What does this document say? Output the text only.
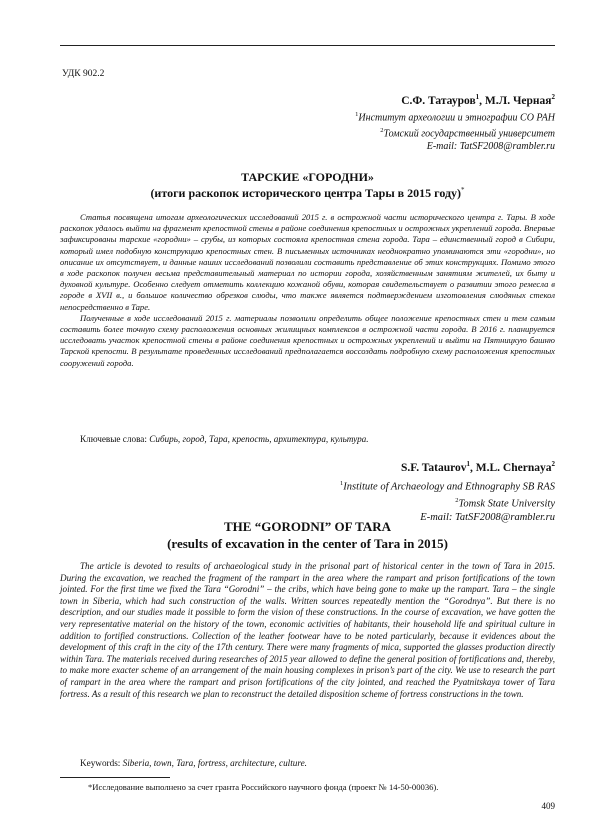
УДК 902.2
С.Ф. Татауров$^1$, М.Л. Черная$^2$
$^1$Институт археологии и этнографии СО РАН
$^2$Томский государственный университет
E-mail: TatSF2008@rambler.ru
ТАРСКИЕ «ГОРОДНИ»
(итоги раскопок исторического центра Тары в 2015 году)*

Статья посвящена итогам археологических исследований 2015 г. в острожной части исторического центра г. Тары. В ходе раскопок удалось выйти на фрагмент крепостной стены в районе соединения крепостных и острожных укреплений города. Впервые зафиксированы тарские «городни» – срубы, из которых состояла крепостная стена города. Тара – единственный город в Сибири, который имел подобную конструкцию крепостных стен. В письменных источниках неоднократно упоминаются эти «городни», но описание их отсутствует, и данные наших исследований позволили составить представление об этих конструкциях. Помимо этого в ходе раскопок получен весьма представительный материал по истории города, хозяйственным занятиям жителей, их быту и духовной культуре. Особенно следует отметить коллекцию кожаной обуви, которая свидетельствует о развитии этого ремесла в городе в XVII в., и большое количество обрезков слюды, что также является подтверждением изготовления слюдяных стекол непосредственно в Таре.

Полученные в ходе исследований 2015 г. материалы позволили определить общее положение крепостных стен и тем самым составить более точную схему расположения основных жилищных комплексов в острожной части города. В 2016 г. планируется исследовать участок крепостной стены в районе соединения крепостных и острожных укреплений и выйти на Пятницкую башню Тарской крепости. В результате проведенных исследований предполагается воссоздать подробную схему расположения крепостных сооружений города.

Ключевые слова: Сибирь, город, Тара, крепость, архитектура, культура.
S.F. Tataurov$^1$, M.L. Chernaya$^2$
$^1$Institute of Archaeology and Ethnography SB RAS
$^2$Tomsk State University
E-mail: TatSF2008@rambler.ru
THE “GORODNI” OF TARA
(results of excavation in the center of Tara in 2015)

The article is devoted to results of archaeological study in the prisonal part of historical center in the town of Tara in 2015. During the excavation, we reached the fragment of the rampart in the area where the rampart and prison fortifications of the town jointed. For the first time we fixed the Tara “Gorodni” – the cribs, which have being gone to make up the rampart. Tara – the single town in Siberia, which had such construction of the walls. Written sources repeatedly mention the “Gorodnya”. But there is no description, and our studies made it possible to form the vision of these constructions. In the course of excavation, we have gotten the very representative material on the history of the town, economic activities of habitants, their household life and spiritual culture in addition to fortified constructions. Collection of the leather footwear have to be noted particularly, because it evidences about the development of this craft in the city of the 17th century. There were many fragments of mica, supported the glasses production directly within Tara. The materials received during researches of 2015 year allowed to define the general position of fortifications and, thereby, to make more exacter scheme of an arrangement of the main housing complexes in prison’s part of the city. We use to research the part of rampart in the area where the rampart and prison fortifications of the city jointed, and reached the Pyatnitskaya tower of Tara fortress. As a result of this research we plan to reconstruct the detailed disposition scheme of fortress constructions in the town.

Keywords: Siberia, town, Tara, fortress, architecture, culture.
*Исследование выполнено за счет гранта Российского научного фонда (проект № 14-50-00036).
409
